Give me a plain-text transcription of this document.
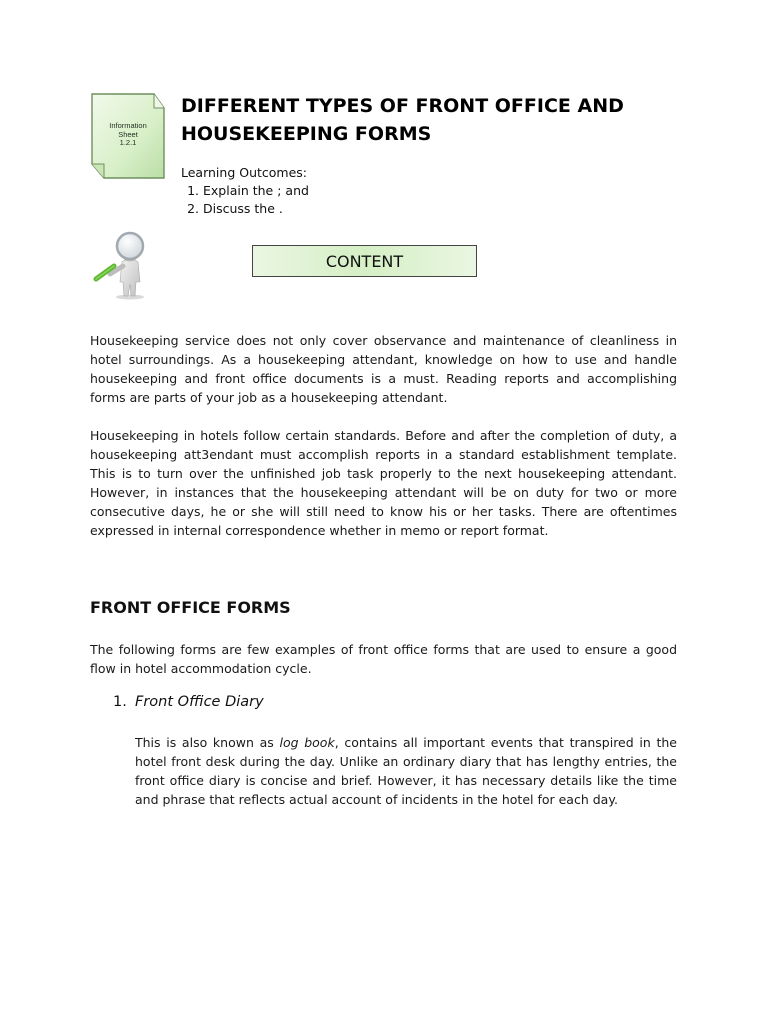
Information
Sheet
1.2.1
DIFFERENT TYPES OF FRONT OFFICE AND
HOUSEKEEPING FORMS
Learning Outcomes:
1. Explain the ; and
2. Discuss the .
CONTENT

Housekeeping service does not only cover observance and maintenance of cleanliness in hotel surroundings. As a housekeeping attendant, knowledge on how to use and handle housekeeping and front office documents is a must. Reading reports and accomplishing forms are parts of your job as a housekeeping attendant.

Housekeeping in hotels follow certain standards. Before and after the completion of duty, a housekeeping att3endant must accomplish reports in a standard establishment template. This is to turn over the unfinished job task properly to the next housekeeping attendant. However, in instances that the housekeeping attendant will be on duty for two or more consecutive days, he or she will still need to know his or her tasks. There are oftentimes expressed in internal correspondence whether in memo or report format.

FRONT OFFICE FORMS

The following forms are few examples of front office forms that are used to ensure a good flow in hotel accommodation cycle.

1. Front Office Diary

This is also known as log book, contains all important events that transpired in the hotel front desk during the day. Unlike an ordinary diary that has lengthy entries, the front office diary is concise and brief. However, it has necessary details like the time and phrase that reflects actual account of incidents in the hotel for each day.
